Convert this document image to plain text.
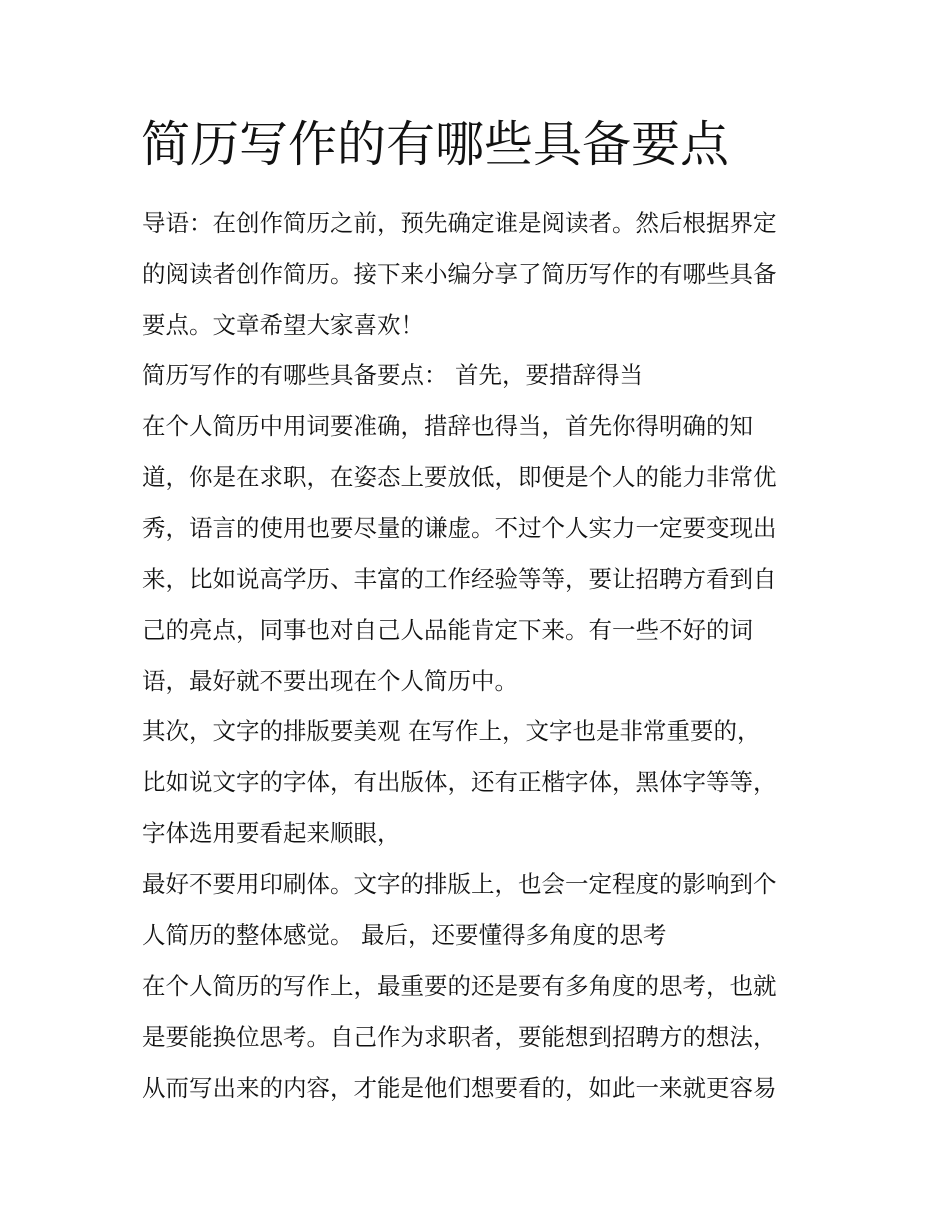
简历写作的有哪些具备要点

导语：在创作简历之前，预先确定谁是阅读者。然后根据界定

的阅读者创作简历。接下来小编分享了简历写作的有哪些具备

要点。文章希望大家喜欢！

简历写作的有哪些具备要点： 首先，要措辞得当

在个人简历中用词要准确，措辞也得当，首先你得明确的知

道，你是在求职，在姿态上要放低，即便是个人的能力非常优

秀，语言的使用也要尽量的谦虚。不过个人实力一定要变现出

来，比如说高学历、丰富的工作经验等等，要让招聘方看到自

己的亮点，同事也对自己人品能肯定下来。有一些不好的词

语，最好就不要出现在个人简历中。

其次，文字的排版要美观 在写作上，文字也是非常重要的，

比如说文字的字体，有出版体，还有正楷字体，黑体字等等，

字体选用要看起来顺眼，

最好不要用印刷体。文字的排版上，也会一定程度的影响到个

人简历的整体感觉。 最后，还要懂得多角度的思考

在个人简历的写作上，最重要的还是要有多角度的思考，也就

是要能换位思考。自己作为求职者，要能想到招聘方的想法，

从而写出来的内容，才能是他们想要看的，如此一来就更容易
